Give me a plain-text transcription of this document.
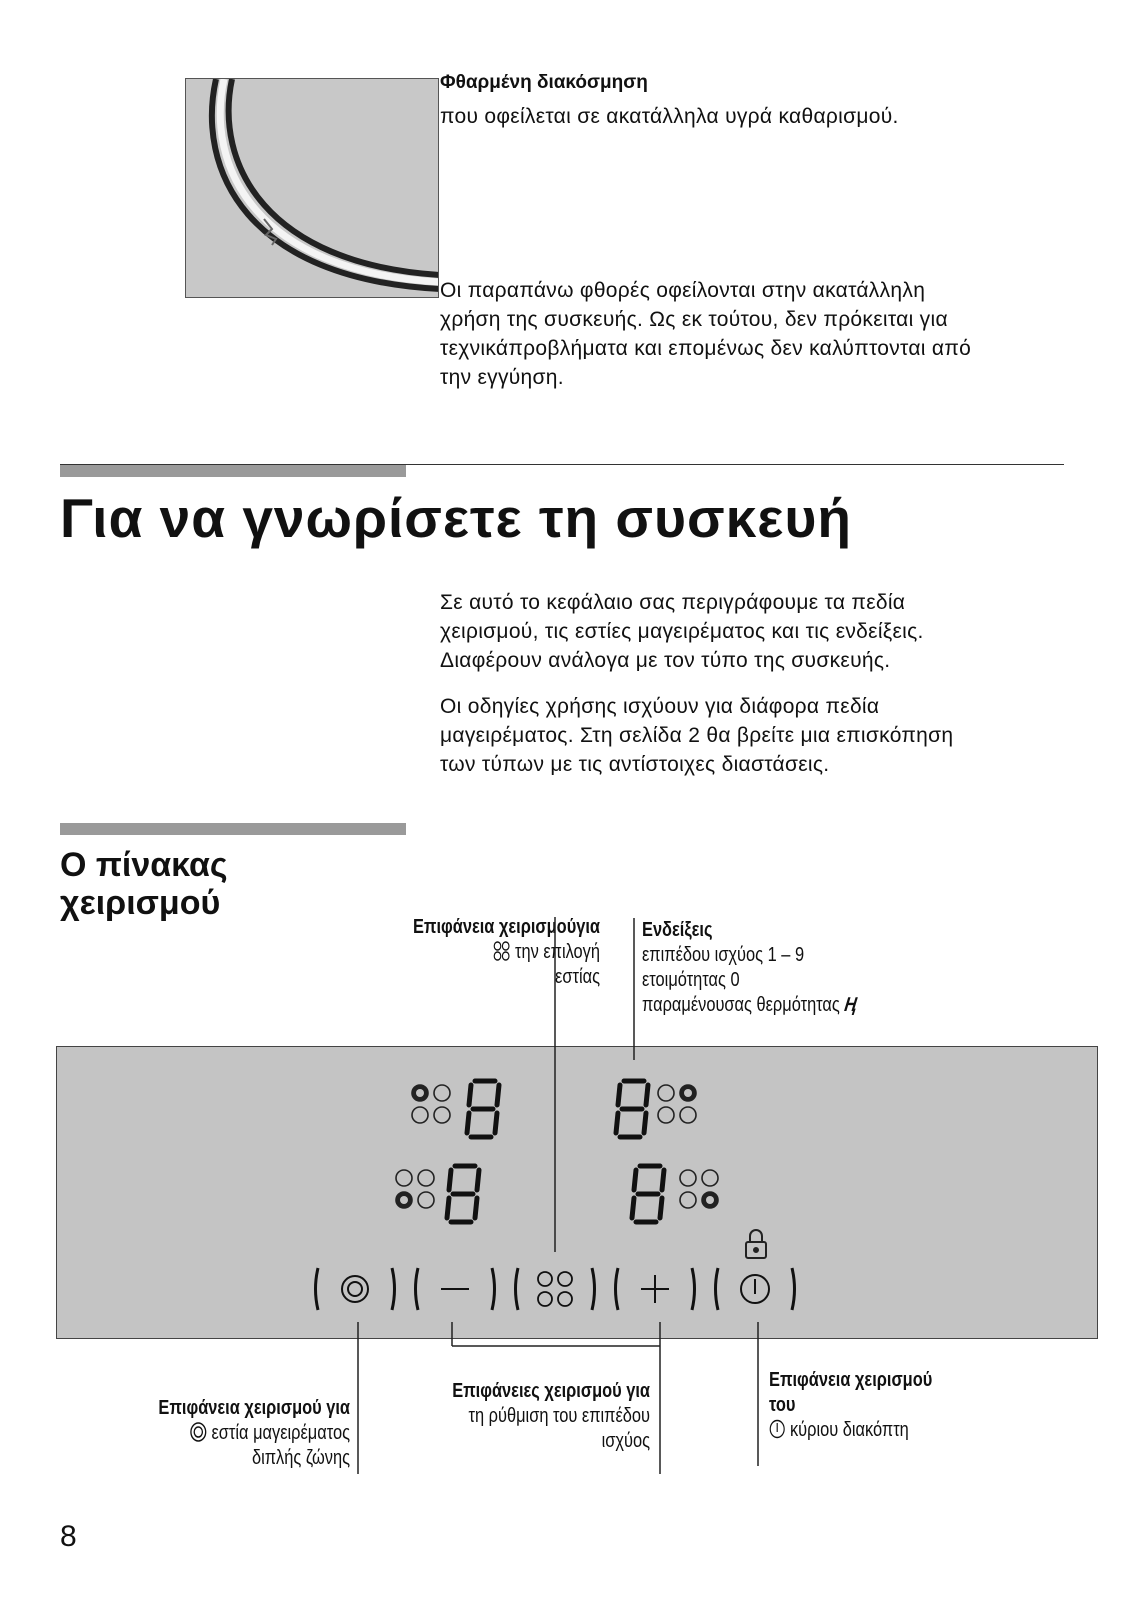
Φθαρμένη διακόσμηση
που οφείλεται σε ακατάλληλα υγρά καθαρισμού.
Οι παραπάνω φθορές οφείλονται στην ακατάλληλη
χρήση της συσκευής. Ως εκ τούτου, δεν πρόκειται για
τεχνικάπροβλήματα και επομένως δεν καλύπτονται από
την εγγύηση.
Για να γνωρίσετε τη συσκευή
Σε αυτό το κεφάλαιο σας περιγράφουμε τα πεδία
χειρισμού, τις εστίες μαγειρέματος και τις ενδείξεις.
Διαφέρουν ανάλογα με τον τύπο της συσκευής.
Οι οδηγίες χρήσης ισχύουν για διάφορα πεδία
μαγειρέματος. Στη σελίδα 2 θα βρείτε μια επισκόπηση
των τύπων με τις αντίστοιχες διαστάσεις.
Ο πίνακας
χειρισμού
Επιφάνεια χειρισμούγια
την επιλογή
εστίας
Ενδείξεις
επιπέδου ισχύος 1 – 9
ετοιμότητας 0
παραμένουσας θερμότητας Ⱨ
Επιφάνεια χειρισμού για
εστία μαγειρέματος
διπλής ζώνης
Επιφάνειες χειρισμού για
τη ρύθμιση του επιπέδου
ισχύος
Επιφάνεια χειρισμού
του
κύριου διακόπτη
8
